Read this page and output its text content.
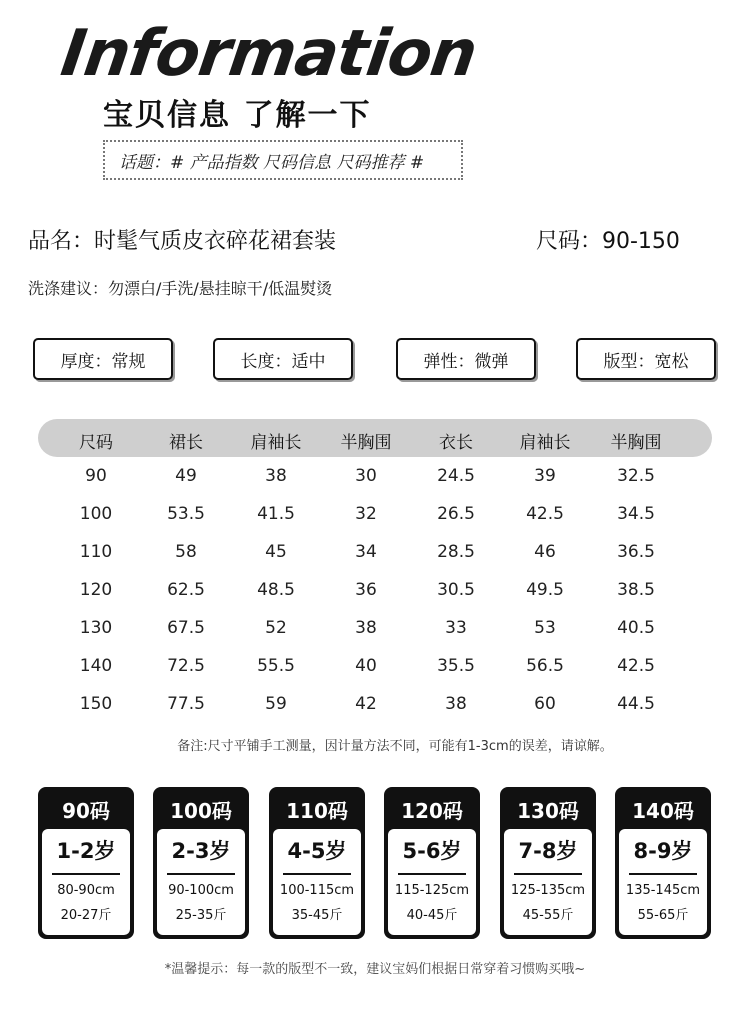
Information
宝贝信息 了解一下
话题：# 产品指数 尺码信息 尺码推荐 #
品名：时髦气质皮衣碎花裙套装	尺码：90-150
洗涤建议：勿漂白/手洗/悬挂晾干/低温熨烫
厚度：常规	长度：适中	弹性：微弹	版型：宽松
尺码	裙长	肩袖长	半胸围	衣长	肩袖长	半胸围
90	49	38	30	24.5	39	32.5
100	53.5	41.5	32	26.5	42.5	34.5
110	58	45	34	28.5	46	36.5
120	62.5	48.5	36	30.5	49.5	38.5
130	67.5	52	38	33	53	40.5
140	72.5	55.5	40	35.5	56.5	42.5
150	77.5	59	42	38	60	44.5
备注:尺寸平铺手工测量，因计量方法不同，可能有1-3cm的误差，请谅解。
90码
1-2岁
80-90cm
20-27斤
100码
2-3岁
90-100cm
25-35斤
110码
4-5岁
100-115cm
35-45斤
120码
5-6岁
115-125cm
40-45斤
130码
7-8岁
125-135cm
45-55斤
140码
8-9岁
135-145cm
55-65斤
*温馨提示：每一款的版型不一致，建议宝妈们根据日常穿着习惯购买哦~
